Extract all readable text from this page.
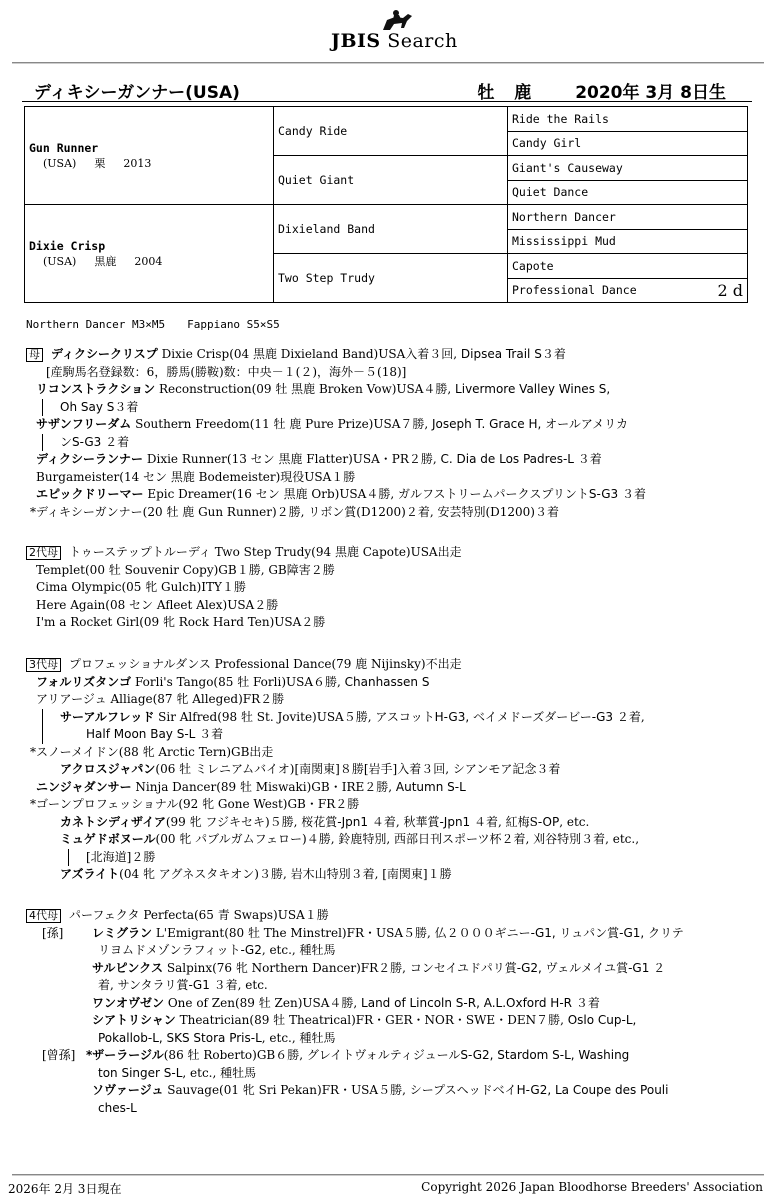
JBIS Search
ディキシーガンナー(USA)	牡 鹿	2020年 3月 8日生
Gun Runner
(USA) 栗 2013	Candy Ride	Ride the Rails
		Candy Girl
	Quiet Giant	Giant's Causeway
		Quiet Dance

Dixie Crisp
(USA) 黒鹿 2004	Dixieland Band	Northern Dancer
		Mississippi Mud
	Two Step Trudy	Capote
		Professional Dance 2 d
Northern Dancer M3×M5 Fappiano S5×S5
母 ディクシークリスプ Dixie Crisp(04 黒鹿 Dixieland Band)USA入着３回, Dipsea Trail S３着
[産駒馬名登録数：6，勝馬(勝鞍)数：中央－１(２)，海外－５(18)]
リコンストラクション Reconstruction(09 牡 黒鹿 Broken Vow)USA４勝, Livermore Valley Wines S,
Oh Say S３着
サザンフリーダム Southern Freedom(11 牡 鹿 Pure Prize)USA７勝, Joseph T. Grace H, オールアメリカ
ンS-G3 ２着
ディクシーランナー Dixie Runner(13 セン 黒鹿 Flatter)USA・PR２勝, C. Dia de Los Padres-L ３着
Burgameister(14 セン 黒鹿 Bodemeister)現役USA１勝
エピックドリーマー Epic Dreamer(16 セン 黒鹿 Orb)USA４勝, ガルフストリームパークスプリントS-G3 ３着
*ディキシーガンナー(20 牡 鹿 Gun Runner)２勝, リボン賞(D1200)２着, 安芸特別(D1200)３着
2代母 トゥーステップトルーディ Two Step Trudy(94 黒鹿 Capote)USA出走
Templet(00 牡 Souvenir Copy)GB１勝, GB障害２勝
Cima Olympic(05 牝 Gulch)ITY１勝
Here Again(08 セン Afleet Alex)USA２勝
I'm a Rocket Girl(09 牝 Rock Hard Ten)USA２勝
3代母 プロフェッショナルダンス Professional Dance(79 鹿 Nijinsky)不出走
フォルリズタンゴ Forli's Tango(85 牡 Forli)USA６勝, Chanhassen S
アリアージュ Alliage(87 牝 Alleged)FR２勝
サーアルフレッド Sir Alfred(98 牡 St. Jovite)USA５勝, アスコットH-G3, ベイメドーズダービー-G3 ２着,
Half Moon Bay S-L ３着
*スノーメイドン(88 牝 Arctic Tern)GB出走
アクロスジャパン(06 牡 ミレニアムバイオ)[南関東]８勝[岩手]入着３回, シアンモア記念３着
ニンジャダンサー Ninja Dancer(89 牡 Miswaki)GB・IRE２勝, Autumn S-L
*ゴーンプロフェッショナル(92 牝 Gone West)GB・FR２勝
カネトシディザイア(99 牝 フジキセキ)５勝, 桜花賞-Jpn1 ４着, 秋華賞-Jpn1 ４着, 紅梅S-OP, etc.
ミュゲドボヌール(00 牝 パブルガムフェロー)４勝, 鈴鹿特別, 西部日刊スポーツ杯２着, 刈谷特別３着, etc.,
[北海道]２勝
アズライト(04 牝 アグネスタキオン)３勝, 岩木山特別３着, [南関東]１勝
4代母 パーフェクタ Perfecta(65 青 Swaps)USA１勝
[孫] レミグラン L'Emigrant(80 牡 The Minstrel)FR・USA５勝, 仏２０００ギニー-G1, リュパン賞-G1, クリテ
リヨムドメゾンラフィット-G2, etc., 種牡馬
サルピンクス Salpinx(76 牝 Northern Dancer)FR２勝, コンセイユドパリ賞-G2, ヴェルメイユ賞-G1 ２
着, サンタラリ賞-G1 ３着, etc.
ワンオヴゼン One of Zen(89 牡 Zen)USA４勝, Land of Lincoln S-R, A.L.Oxford H-R ３着
シアトリシャン Theatrician(89 牡 Theatrical)FR・GER・NOR・SWE・DEN７勝, Oslo Cup-L,
Pokallob-L, SKS Stora Pris-L, etc., 種牡馬
[曾孫] *ザーラージル(86 牡 Roberto)GB６勝, グレイトヴォルティジュールS-G2, Stardom S-L, Washing
ton Singer S-L, etc., 種牡馬
ソヴァージュ Sauvage(01 牝 Sri Pekan)FR・USA５勝, シープスヘッドベイH-G2, La Coupe des Pouli
ches-L
2026年 2月 3日現在	Copyright 2026 Japan Bloodhorse Breeders' Association
